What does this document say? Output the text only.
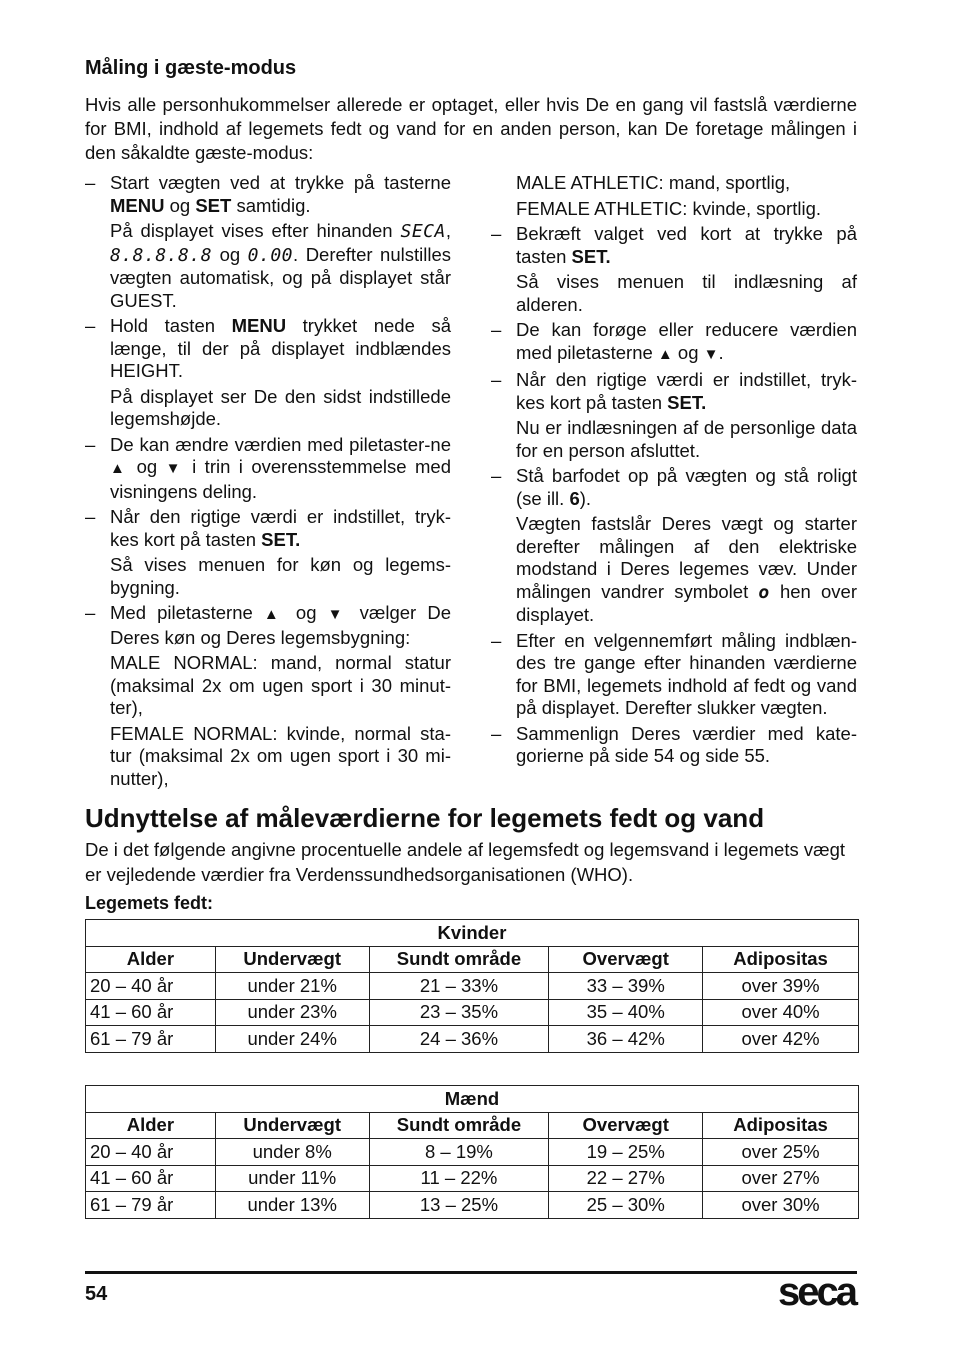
Måling i gæste-modus
Hvis alle personhukommelser allerede er optaget, eller hvis De en gang vil fastslå værdierne for BMI, indhold af legemets fedt og vand for en anden person, kan De foretage målingen i den såkaldte gæste-modus:
– Start vægten ved at trykke på tasterne MENU og SET samtidig.
På displayet vises efter hinanden SECA, 8.8.8.8.8 og 0.00. Derefter nulstilles vægten automatisk, og på displayet står GUEST.
– Hold tasten MENU trykket nede så længe, til der på displayet indblændes HEIGHT.
På displayet ser De den sidst indstillede legemshøjde.
– De kan ændre værdien med piletaster-ne ▲ og ▼ i trin i overensstemmelse med visningens deling.
– Når den rigtige værdi er indstillet, tryk-kes kort på tasten SET.
Så vises menuen for køn og legems-bygning.
– Med piletasterne ▲ og ▼ vælger De Deres køn og Deres legemsbygning:
MALE NORMAL: mand, normal statur (maksimal 2x om ugen sport i 30 minut-ter),
FEMALE NORMAL: kvinde, normal sta-tur (maksimal 2x om ugen sport i 30 mi-nutter),
MALE ATHLETIC: mand, sportlig,
FEMALE ATHLETIC: kvinde, sportlig.
– Bekræft valget ved kort at trykke på tasten SET.
Så vises menuen til indlæsning af alderen.
– De kan forøge eller reducere værdien med piletasterne ▲ og ▼.
– Når den rigtige værdi er indstillet, tryk-kes kort på tasten SET.
Nu er indlæsningen af de personlige data for en person afsluttet.
– Stå barfodet op på vægten og stå roligt (se ill. 6).
Vægten fastslår Deres vægt og starter derefter målingen af den elektriske modstand i Deres legemes væv. Under målingen vandrer symbolet o hen over displayet.
– Efter en velgennemført måling indblæn-des tre gange efter hinanden værdierne for BMI, legemets indhold af fedt og vand på displayet. Derefter slukker vægten.
– Sammenlign Deres værdier med kate-gorierne på side 54 og side 55.
Udnyttelse af måleværdierne for legemets fedt og vand
De i det følgende angivne procentuelle andele af legemsfedt og legemsvand i legemets vægt er vejledende værdier fra Verdenssundhedsorganisationen (WHO).
Legemets fedt:
Kvinder				
Alder	Undervægt	Sundt område	Overvægt	Adipositas
20 – 40 år	under 21%	21 – 33%	33 – 39%	over 39%
41 – 60 år	under 23%	23 – 35%	35 – 40%	over 40%
61 – 79 år	under 24%	24 – 36%	36 – 42%	over 42%
Mænd				
Alder	Undervægt	Sundt område	Overvægt	Adipositas
20 – 40 år	under 8%	8 – 19%	19 – 25%	over 25%
41 – 60 år	under 11%	11 – 22%	22 – 27%	over 27%
61 – 79 år	under 13%	13 – 25%	25 – 30%	over 30%
54	seca
